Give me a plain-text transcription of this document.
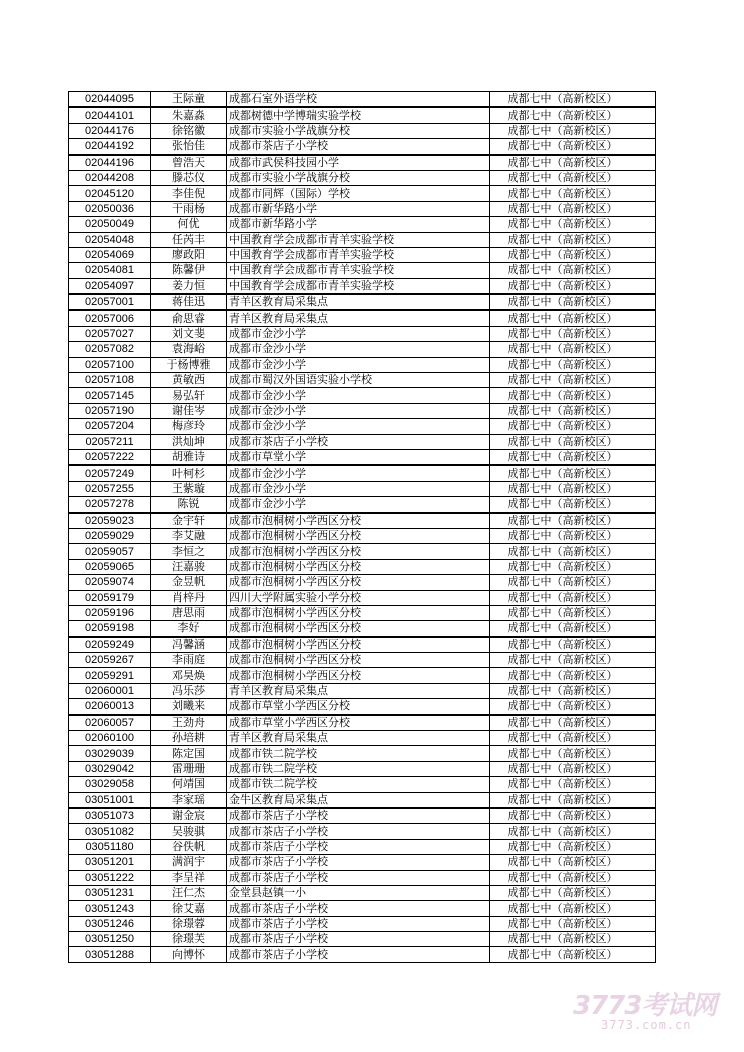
02044095	王际童	成都石室外语学校	成都七中（高新校区）
02044101	朱嘉淼	成都树德中学博瑞实验学校	成都七中（高新校区）
02044176	徐铭徽	成都市实验小学战旗分校	成都七中（高新校区）
02044192	张怡佳	成都市茶店子小学校	成都七中（高新校区）
02044196	曾浩天	成都市武侯科技园小学	成都七中（高新校区）
02044208	滕芯仪	成都市实验小学战旗分校	成都七中（高新校区）
02045120	李佳倪	成都市同辉（国际）学校	成都七中（高新校区）
02050036	干雨杨	成都市新华路小学	成都七中（高新校区）
02050049	何优	成都市新华路小学	成都七中（高新校区）
02054048	任芮丰	中国教育学会成都市青羊实验学校	成都七中（高新校区）
02054069	廖政阳	中国教育学会成都市青羊实验学校	成都七中（高新校区）
02054081	陈馨伊	中国教育学会成都市青羊实验学校	成都七中（高新校区）
02054097	姜力恒	中国教育学会成都市青羊实验学校	成都七中（高新校区）
02057001	蒋佳迅	青羊区教育局采集点	成都七中（高新校区）
02057006	俞思睿	青羊区教育局采集点	成都七中（高新校区）
02057027	刘文斐	成都市金沙小学	成都七中（高新校区）
02057082	袁海峪	成都市金沙小学	成都七中（高新校区）
02057100	于杨博雅	成都市金沙小学	成都七中（高新校区）
02057108	黄敏西	成都市蜀汉外国语实验小学校	成都七中（高新校区）
02057145	易弘轩	成都市金沙小学	成都七中（高新校区）
02057190	谢佳岑	成都市金沙小学	成都七中（高新校区）
02057204	梅彦玲	成都市金沙小学	成都七中（高新校区）
02057211	洪灿坤	成都市茶店子小学校	成都七中（高新校区）
02057222	胡雅诗	成都市草堂小学	成都七中（高新校区）
02057249	叶柯杉	成都市金沙小学	成都七中（高新校区）
02057255	王紫璇	成都市金沙小学	成都七中（高新校区）
02057278	陈锐	成都市金沙小学	成都七中（高新校区）
02059023	金宇轩	成都市泡桐树小学西区分校	成都七中（高新校区）
02059029	李艾融	成都市泡桐树小学西区分校	成都七中（高新校区）
02059057	李恒之	成都市泡桐树小学西区分校	成都七中（高新校区）
02059065	汪嘉骏	成都市泡桐树小学西区分校	成都七中（高新校区）
02059074	金昱帆	成都市泡桐树小学西区分校	成都七中（高新校区）
02059179	肖梓丹	四川大学附属实验小学分校	成都七中（高新校区）
02059196	唐思雨	成都市泡桐树小学西区分校	成都七中（高新校区）
02059198	李好	成都市泡桐树小学西区分校	成都七中（高新校区）
02059249	冯馨涵	成都市泡桐树小学西区分校	成都七中（高新校区）
02059267	李雨庭	成都市泡桐树小学西区分校	成都七中（高新校区）
02059291	邓昊焕	成都市泡桐树小学西区分校	成都七中（高新校区）
02060001	冯乐莎	青羊区教育局采集点	成都七中（高新校区）
02060013	刘曦来	成都市草堂小学西区分校	成都七中（高新校区）
02060057	王劲舟	成都市草堂小学西区分校	成都七中（高新校区）
02060100	孙培耕	青羊区教育局采集点	成都七中（高新校区）
03029039	陈定国	成都市铁二院学校	成都七中（高新校区）
03029042	雷珊珊	成都市铁二院学校	成都七中（高新校区）
03029058	何靖国	成都市铁二院学校	成都七中（高新校区）
03051001	李家瑶	金牛区教育局采集点	成都七中（高新校区）
03051073	谢金宸	成都市茶店子小学校	成都七中（高新校区）
03051082	吴骏骐	成都市茶店子小学校	成都七中（高新校区）
03051180	谷佚帆	成都市茶店子小学校	成都七中（高新校区）
03051201	满润宇	成都市茶店子小学校	成都七中（高新校区）
03051222	李呈祥	成都市茶店子小学校	成都七中（高新校区）
03051231	汪仁杰	金堂县赵镇一小	成都七中（高新校区）
03051243	徐艾嘉	成都市茶店子小学校	成都七中（高新校区）
03051246	徐璟蓉	成都市茶店子小学校	成都七中（高新校区）
03051250	徐璟芙	成都市茶店子小学校	成都七中（高新校区）
03051288	向博怀	成都市茶店子小学校	成都七中（高新校区）
3773考试网
3773.com.cn
